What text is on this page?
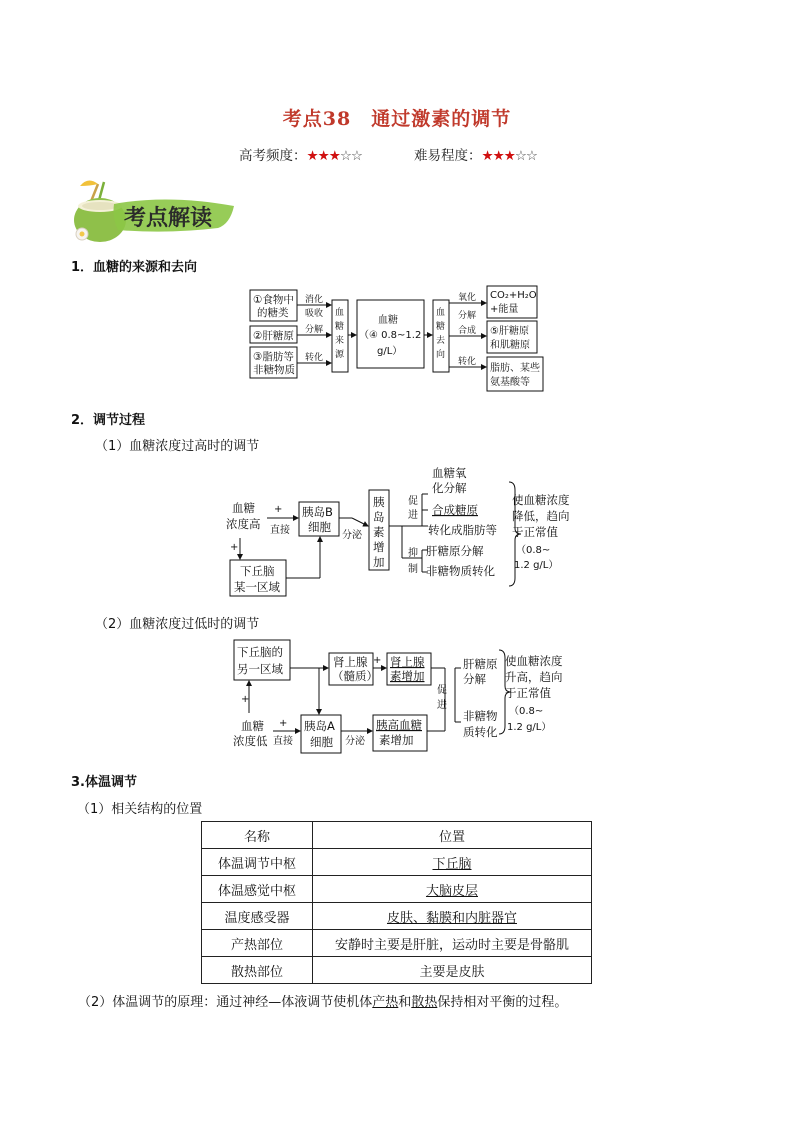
考点38　通过激素的调节
高考频度：★★★☆☆	难易程度：★★★☆☆
考点解读
1．血糖的来源和去向
①食物中
的糖类
②肝糖原
③脂肪等
非糖物质
消化
吸收
分解
转化
血
糖
来
源
血
糖
去
向
氧化
分解
合成
转化
血糖
（④ 0.8~1.2
g/L）
CO₂+H₂O
+能量
⑤肝糖原
和肌糖原
脂肪、某些
氨基酸等
2．调节过程
（1）血糖浓度过高时的调节
血糖
浓度高
胰岛B
细胞
下丘脑
某一区域
胰
岛
素
增
加
血糖氧
化分解
合成糖原
转化成脂肪等
肝糖原分解
非糖物质转化
使血糖浓度
降低，趋向
于正常值
+
直接
+
分泌
促
进
抑
制
（0.8~
1.2 g/L）
（2）血糖浓度过低时的调节
下丘脑的
另一区域	肾上腺
（髓质）
肾上腺
素增加
血糖
浓度低
胰岛A
细胞
胰高血糖
素增加
肝糖原
分解
非糖物
质转化
使血糖浓度
升高，趋向
于正常值
+
+
+
直接	分泌
促
进
（0.8~
1.2 g/L）
3.体温调节
（1）相关结构的位置
名称	位置
体温调节中枢	下丘脑
体温感觉中枢	大脑皮层
温度感受器	皮肤、黏膜和内脏器官
产热部位	安静时主要是肝脏，运动时主要是骨骼肌
散热部位	主要是皮肤
（2）体温调节的原理：通过神经—体液调节使机体产热和散热保持相对平衡的过程。
